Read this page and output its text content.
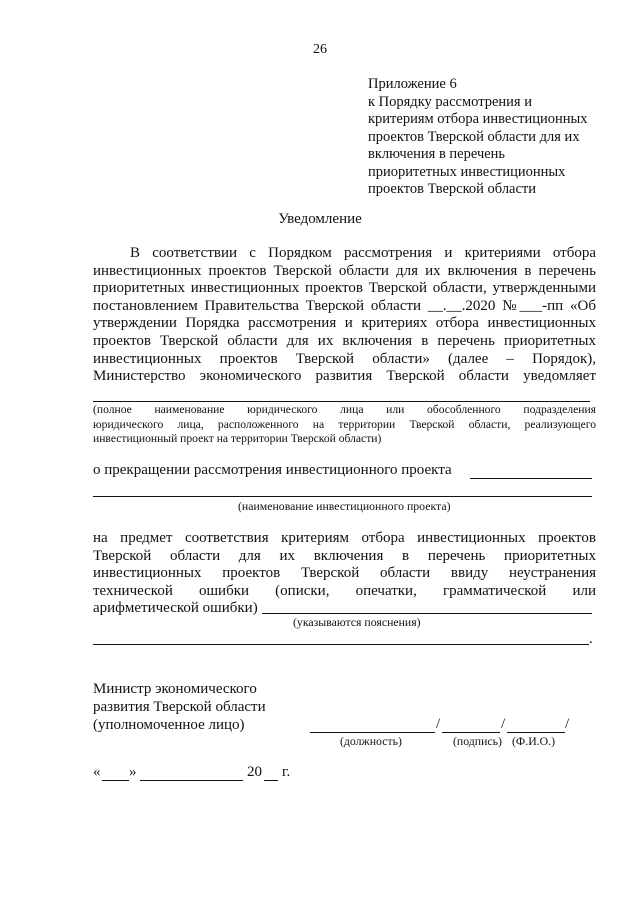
26
Приложение 6
к Порядку рассмотрения и
критериям отбора инвестиционных
проектов Тверской области для их
включения в перечень
приоритетных инвестиционных
проектов Тверской области
Уведомление
В соответствии с Порядком рассмотрения и критериями отбора
инвестиционных проектов Тверской области для их включения в перечень
приоритетных инвестиционных проектов Тверской области, утвержденными
постановлением Правительства Тверской области __.__.2020 №___-пп «Об
утверждении Порядка рассмотрения и критериях отбора инвестиционных
проектов Тверской области для их включения в перечень приоритетных
инвестиционных проектов Тверской области» (далее – Порядок),
Министерство экономического развития Тверской области уведомляет
(полное наименование юридического лица или обособленного подразделения
юридического лица, расположенного на территории Тверской области, реализующего
инвестиционный проект на территории Тверской области)
о прекращении рассмотрения инвестиционного проекта
(наименование инвестиционного проекта)
на предмет соответствия критериям отбора инвестиционных проектов
Тверской области для их включения в перечень приоритетных
инвестиционных проектов Тверской области ввиду неустранения
технической ошибки (описки, опечатки, грамматической или
арифметической ошибки)
(указываются пояснения)
.
Министр экономического
развития Тверской области
(уполномоченное лицо)	/	/	/
(должность)	(подпись) (Ф.И.О.)
« »	20 г.
